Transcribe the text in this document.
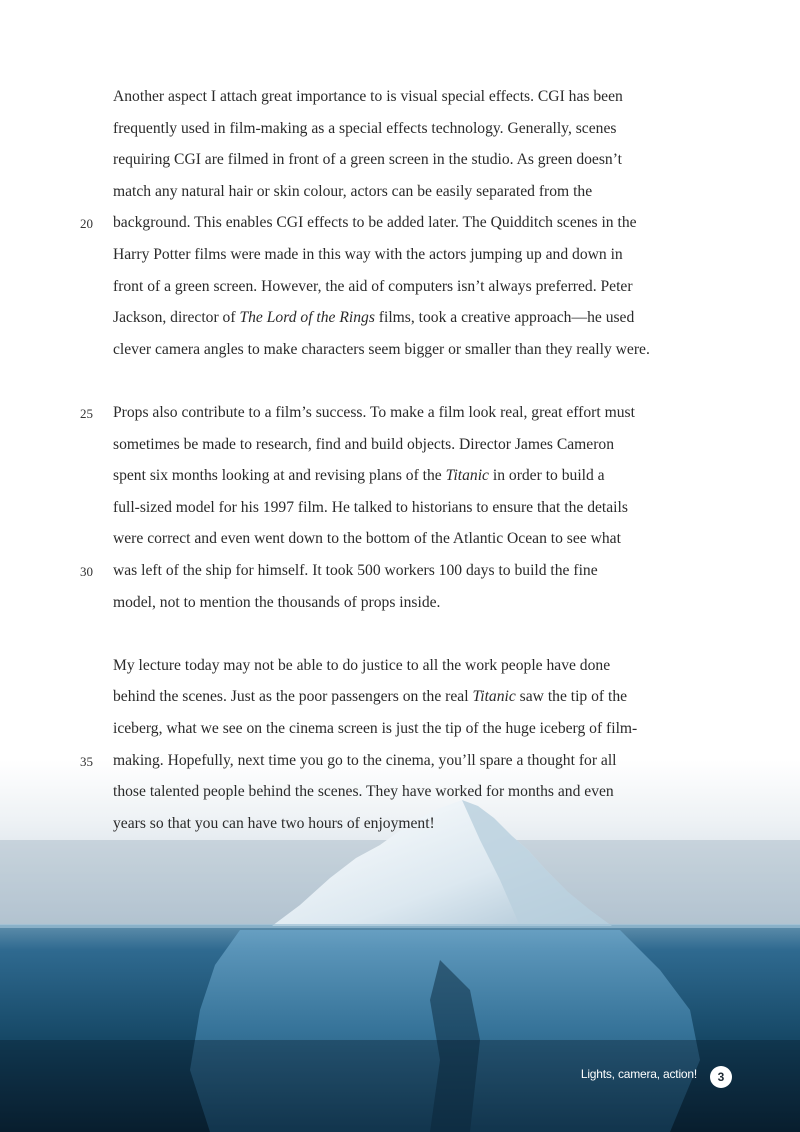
Another aspect I attach great importance to is visual special effects. CGI has been
frequently used in film-making as a special effects technology. Generally, scenes
requiring CGI are filmed in front of a green screen in the studio. As green doesn’t
match any natural hair or skin colour, actors can be easily separated from the
background. This enables CGI effects to be added later. The Quidditch scenes in the
20
Harry Potter films were made in this way with the actors jumping up and down in
front of a green screen. However, the aid of computers isn’t always preferred. Peter
Jackson, director of The Lord of the Rings films, took a creative approach—he used
clever camera angles to make characters seem bigger or smaller than they really were.
Props also contribute to a film’s success. To make a film look real, great effort must
25
sometimes be made to research, find and build objects. Director James Cameron
spent six months looking at and revising plans of the Titanic in order to build a
full-sized model for his 1997 film. He talked to historians to ensure that the details
were correct and even went down to the bottom of the Atlantic Ocean to see what
was left of the ship for himself. It took 500 workers 100 days to build the fine
30
model, not to mention the thousands of props inside.
My lecture today may not be able to do justice to all the work people have done
behind the scenes. Just as the poor passengers on the real Titanic saw the tip of the
iceberg, what we see on the cinema screen is just the tip of the huge iceberg of film-
making. Hopefully, next time you go to the cinema, you’ll spare a thought for all
35
those talented people behind the scenes. They have worked for months and even
years so that you can have two hours of enjoyment!
Lights, camera, action!	3
